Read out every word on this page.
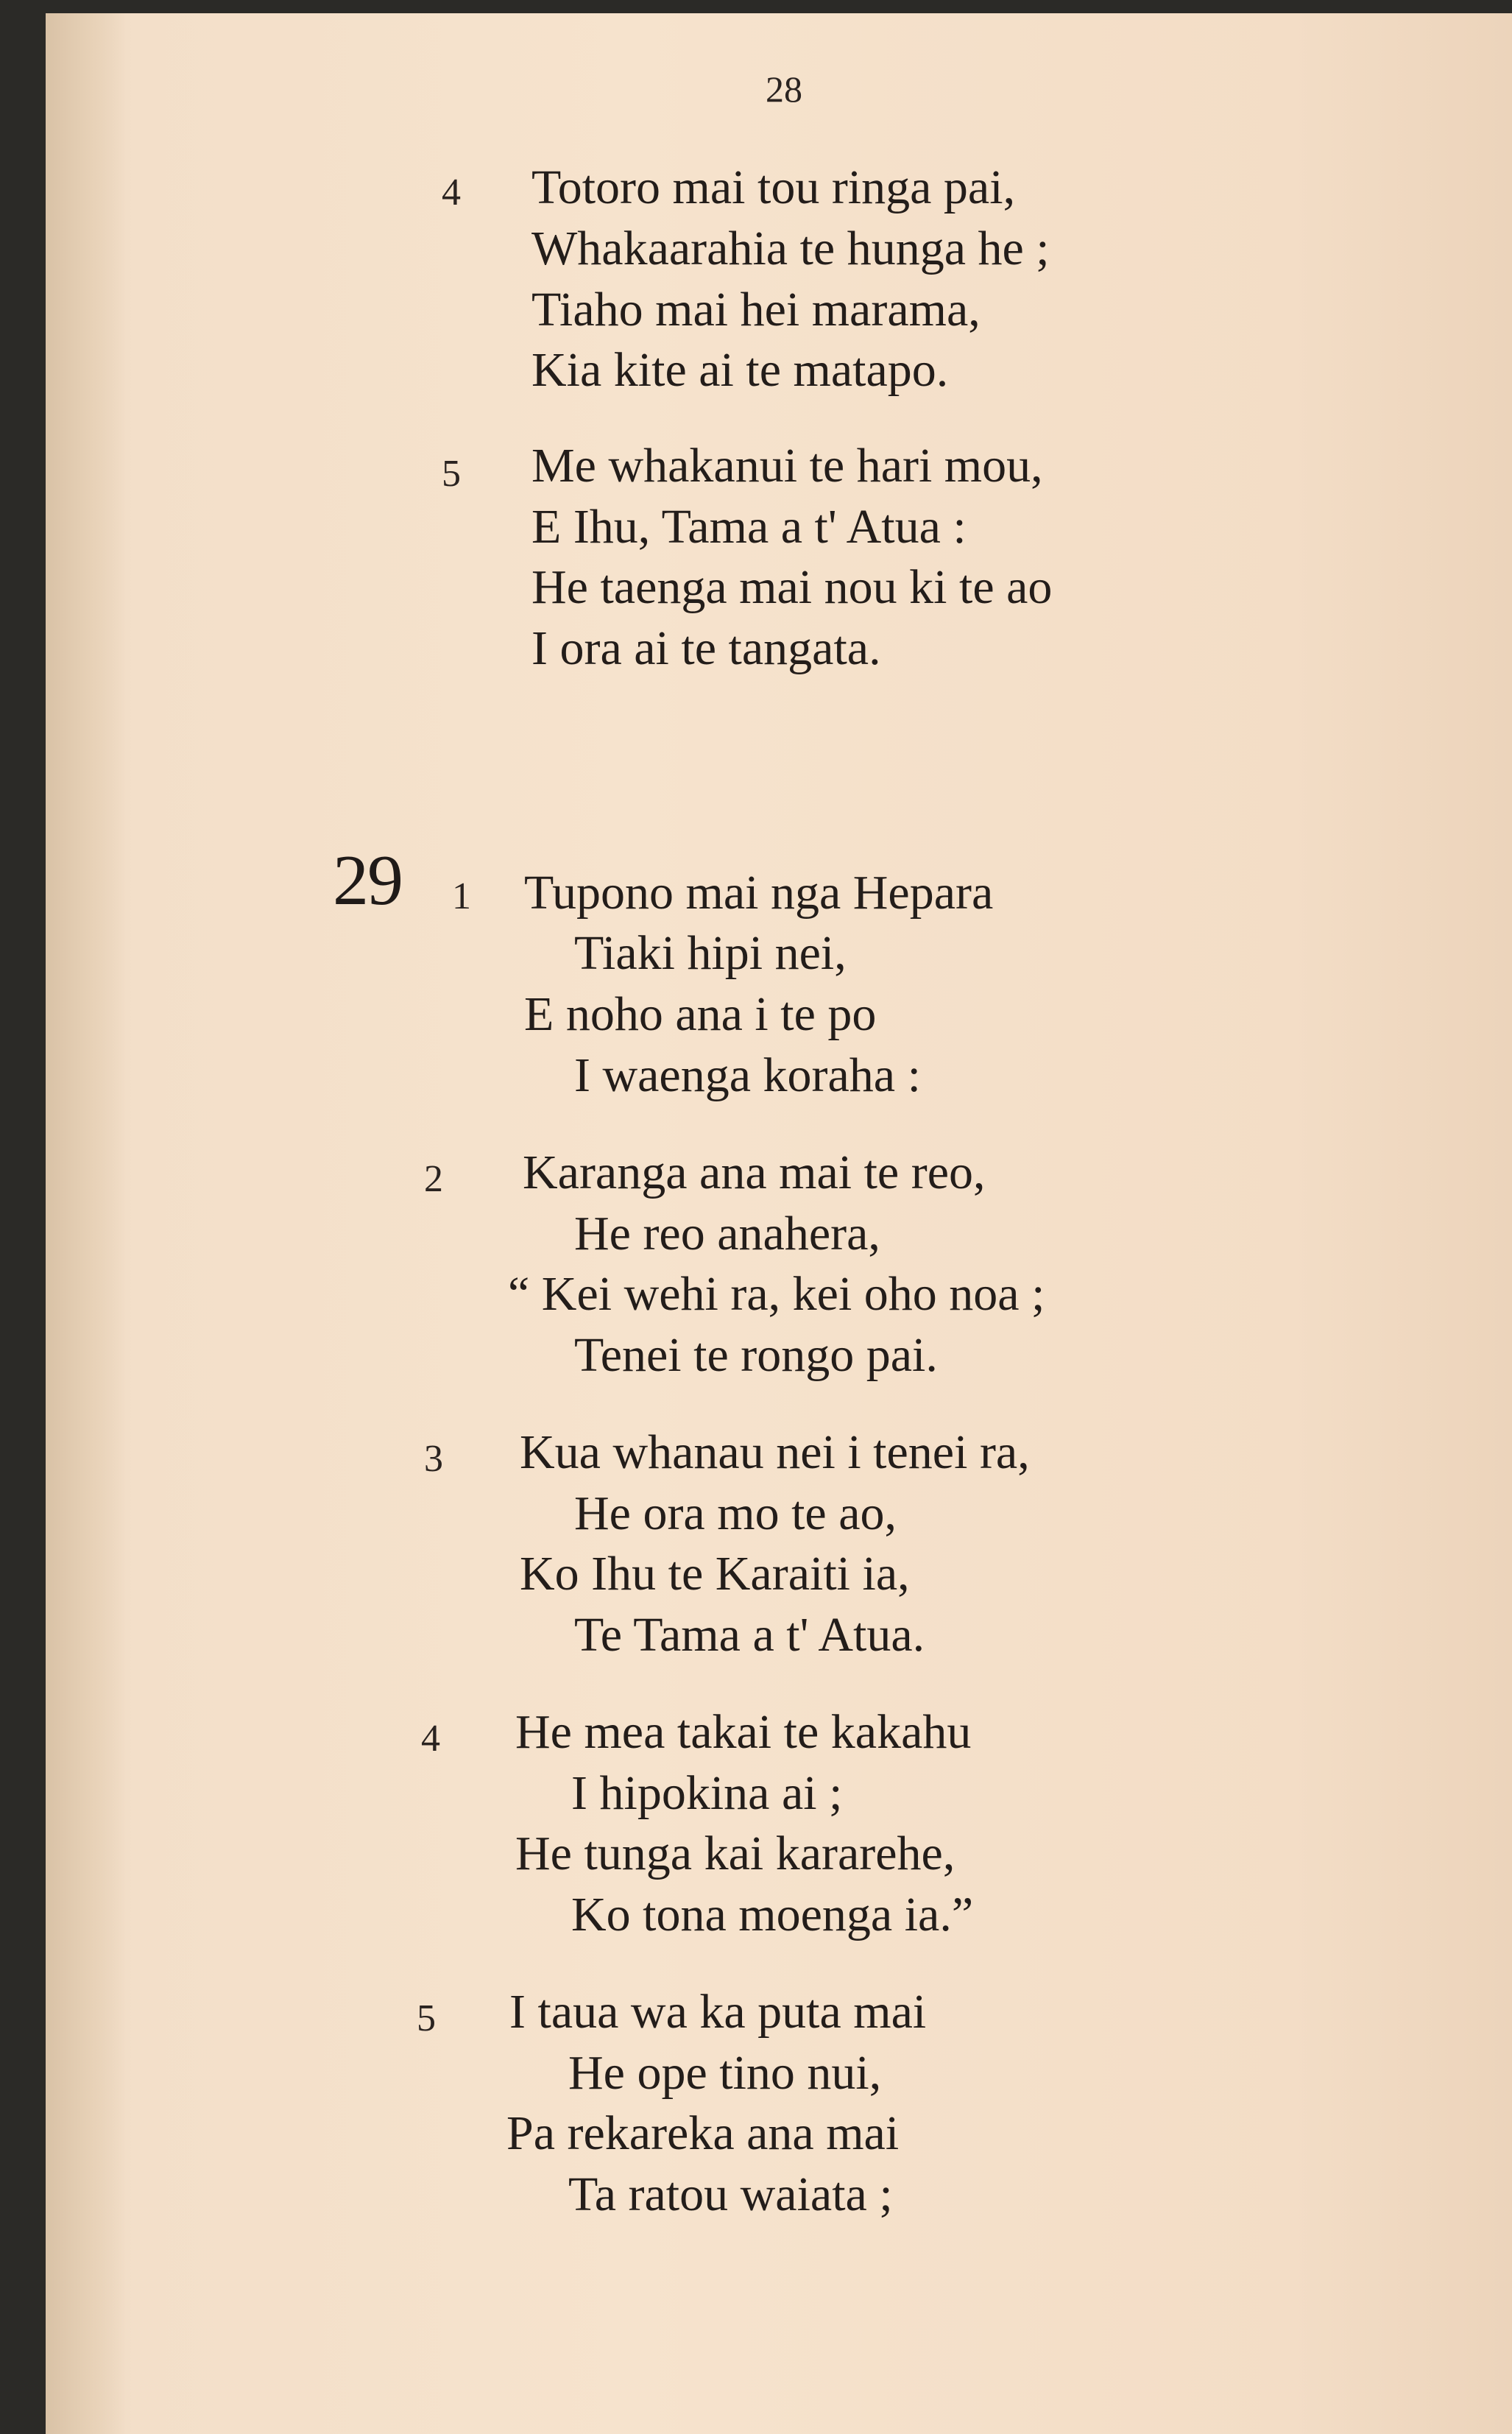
28
4 Totoro mai tou ringa pai,
Whakaarahia te hunga he ;
Tiaho mai hei marama,
Kia kite ai te matapo.
5 Me whakanui te hari mou,
E Ihu, Tama a t' Atua :
He taenga mai nou ki te ao
I ora ai te tangata.
29 1 Tupono mai nga Hepara
Tiaki hipi nei,
E noho ana i te po
I waenga koraha :
2 Karanga ana mai te reo,
He reo anahera,
“ Kei wehi ra, kei oho noa ;
Tenei te rongo pai.
3 Kua whanau nei i tenei ra,
He ora mo te ao,
Ko Ihu te Karaiti ia,
Te Tama a t' Atua.
4 He mea takai te kakahu
I hipokina ai ;
He tunga kai kararehe,
Ko tona moenga ia.”
5 I taua wa ka puta mai
He ope tino nui,
Pa rekareka ana mai
Ta ratou waiata ;
